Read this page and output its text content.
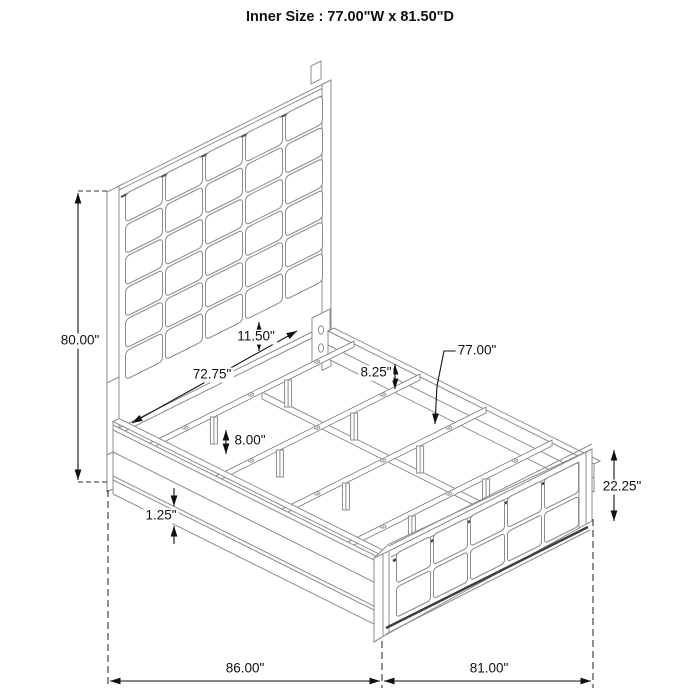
Inner Size : 77.00"W x 81.50"D
80.00"	11.50"
72.75"	8.25"
77.00"
8.00"
1.25"
22.25"
86.00"	81.00"
